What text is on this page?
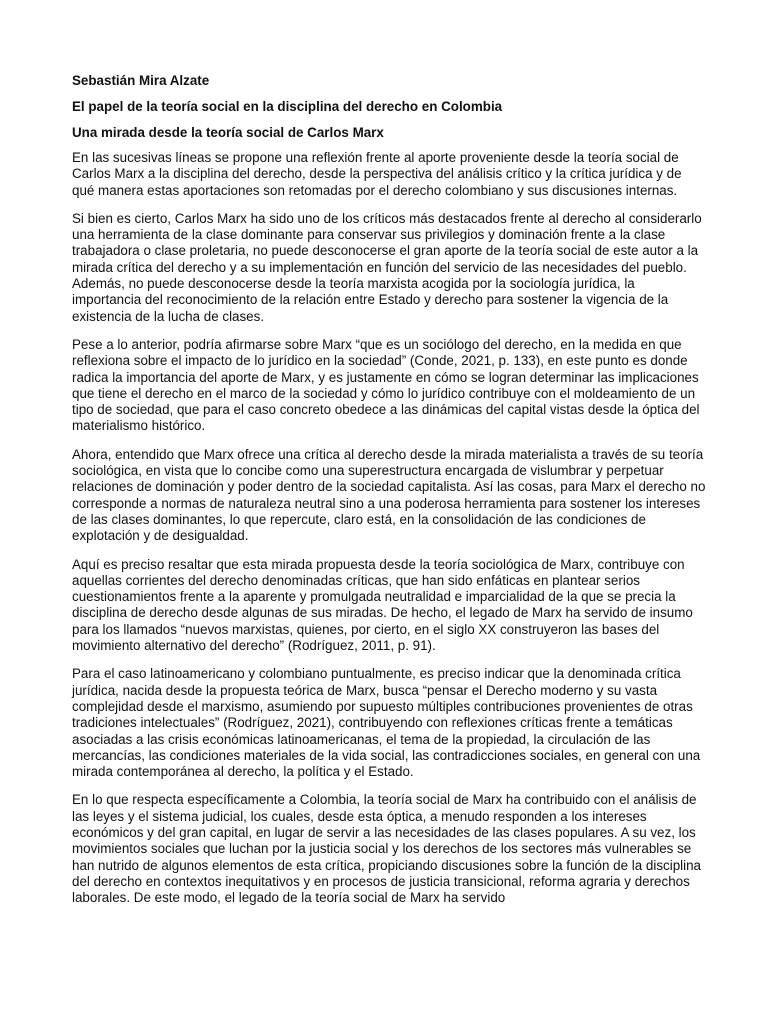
Sebastián Mira Alzate
El papel de la teoría social en la disciplina del derecho en Colombia
Una mirada desde la teoría social de Carlos Marx

En las sucesivas líneas se propone una reflexión frente al aporte proveniente desde la teoría social de Carlos Marx a la disciplina del derecho, desde la perspectiva del análisis crítico y la crítica jurídica y de qué manera estas aportaciones son retomadas por el derecho colombiano y sus discusiones internas.

Si bien es cierto, Carlos Marx ha sido uno de los críticos más destacados frente al derecho al considerarlo una herramienta de la clase dominante para conservar sus privilegios y dominación frente a la clase trabajadora o clase proletaria, no puede desconocerse el gran aporte de la teoría social de este autor a la mirada crítica del derecho y a su implementación en función del servicio de las necesidades del pueblo. Además, no puede desconocerse desde la teoría marxista acogida por la sociología jurídica, la importancia del reconocimiento de la relación entre Estado y derecho para sostener la vigencia de la existencia de la lucha de clases.

Pese a lo anterior, podría afirmarse sobre Marx “que es un sociólogo del derecho, en la medida en que reflexiona sobre el impacto de lo jurídico en la sociedad” (Conde, 2021, p. 133), en este punto es donde radica la importancia del aporte de Marx, y es justamente en cómo se logran determinar las implicaciones que tiene el derecho en el marco de la sociedad y cómo lo jurídico contribuye con el moldeamiento de un tipo de sociedad, que para el caso concreto obedece a las dinámicas del capital vistas desde la óptica del materialismo histórico.

Ahora, entendido que Marx ofrece una crítica al derecho desde la mirada materialista a través de su teoría sociológica, en vista que lo concibe como una superestructura encargada de vislumbrar y perpetuar relaciones de dominación y poder dentro de la sociedad capitalista. Así las cosas, para Marx el derecho no corresponde a normas de naturaleza neutral sino a una poderosa herramienta para sostener los intereses de las clases dominantes, lo que repercute, claro está, en la consolidación de las condiciones de explotación y de desigualdad.

Aquí es preciso resaltar que esta mirada propuesta desde la teoría sociológica de Marx, contribuye con aquellas corrientes del derecho denominadas críticas, que han sido enfáticas en plantear serios cuestionamientos frente a la aparente y promulgada neutralidad e imparcialidad de la que se precia la disciplina de derecho desde algunas de sus miradas. De hecho, el legado de Marx ha servido de insumo para los llamados “nuevos marxistas, quienes, por cierto, en el siglo XX construyeron las bases del movimiento alternativo del derecho” (Rodríguez, 2011, p. 91).

Para el caso latinoamericano y colombiano puntualmente, es preciso indicar que la denominada crítica jurídica, nacida desde la propuesta teórica de Marx, busca “pensar el Derecho moderno y su vasta complejidad desde el marxismo, asumiendo por supuesto múltiples contribuciones provenientes de otras tradiciones intelectuales” (Rodríguez, 2021), contribuyendo con reflexiones críticas frente a temáticas asociadas a las crisis económicas latinoamericanas, el tema de la propiedad, la circulación de las mercancías, las condiciones materiales de la vida social, las contradicciones sociales, en general con una mirada contemporánea al derecho, la política y el Estado.

En lo que respecta específicamente a Colombia, la teoría social de Marx ha contribuido con el análisis de las leyes y el sistema judicial, los cuales, desde esta óptica, a menudo responden a los intereses económicos y del gran capital, en lugar de servir a las necesidades de las clases populares. A su vez, los movimientos sociales que luchan por la justicia social y los derechos de los sectores más vulnerables se han nutrido de algunos elementos de esta crítica, propiciando discusiones sobre la función de la disciplina del derecho en contextos inequitativos y en procesos de justicia transicional, reforma agraria y derechos laborales. De este modo, el legado de la teoría social de Marx ha servido
